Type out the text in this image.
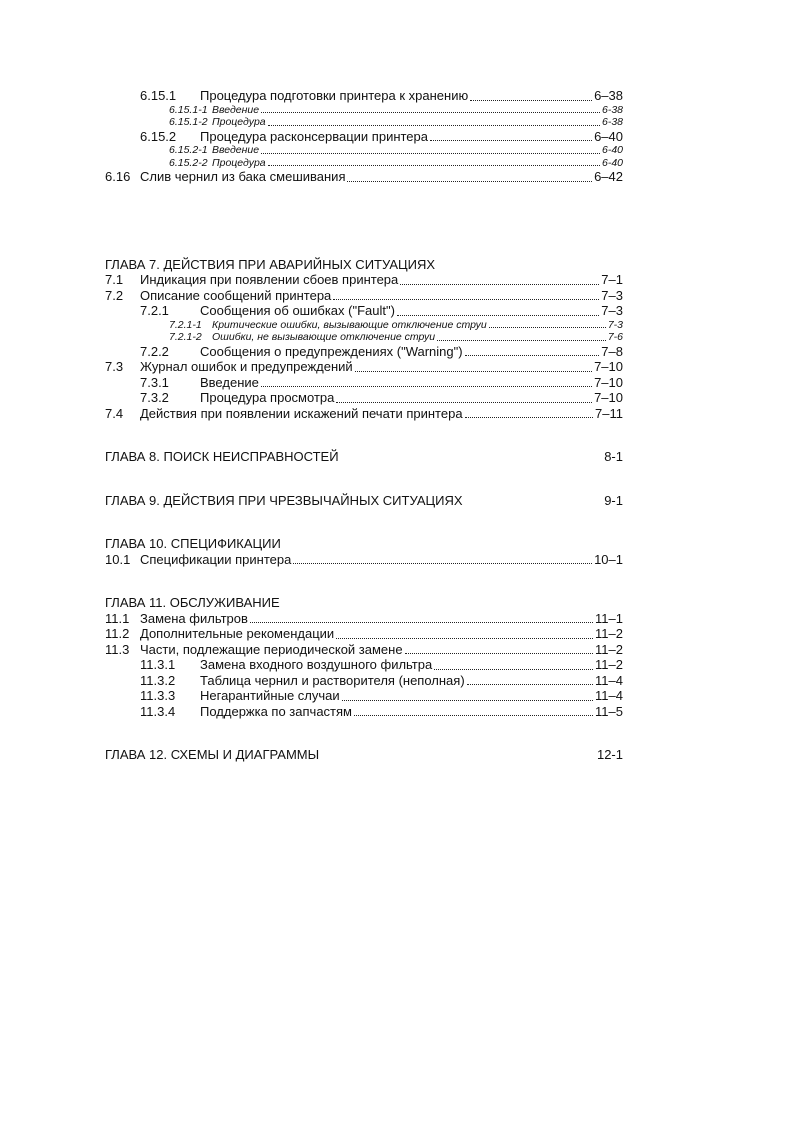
6.15.1	Процедура подготовки принтера к хранению	6–38
6.15.1-1 Введение	6-38
6.15.1-2 Процедура	6-38
6.15.2	Процедура расконсервации принтера	6–40
6.15.2-1 Введение	6-40
6.15.2-2 Процедура	6-40
6.16 Слив чернил из бака смешивания	6–42
ГЛАВА 7. ДЕЙСТВИЯ ПРИ АВАРИЙНЫХ СИТУАЦИЯХ
7.1	Индикация при появлении сбоев принтера	7–1
7.2	Описание сообщений принтера	7–3
7.2.1	Сообщения об ошибках ("Fault")	7–3
7.2.1-1 Критические ошибки, вызывающие отключение струи	7-3
7.2.1-2 Ошибки, не вызывающие отключение струи	7-6
7.2.2	Сообщения о предупреждениях ("Warning")	7–8
7.3	Журнал ошибок и предупреждений	7–10
7.3.1	Введение	7–10
7.3.2	Процедура просмотра	7–10
7.4	Действия при появлении искажений печати принтера	7–11
ГЛАВА 8. ПОИСК НЕИСПРАВНОСТЕЙ	8-1
ГЛАВА 9. ДЕЙСТВИЯ ПРИ ЧРЕЗВЫЧАЙНЫХ СИТУАЦИЯХ	9-1
ГЛАВА 10. СПЕЦИФИКАЦИИ
10.1 Спецификации принтера	10–1
ГЛАВА 11. ОБСЛУЖИВАНИЕ
11.1 Замена фильтров	11–1
11.2 Дополнительные рекомендации	11–2
11.3 Части, подлежащие периодической замене	11–2
11.3.1	Замена входного воздушного фильтра	11–2
11.3.2	Таблица чернил и растворителя (неполная)	11–4
11.3.3	Негарантийные случаи	11–4
11.3.4	Поддержка по запчастям	11–5
ГЛАВА 12. СХЕМЫ И ДИАГРАММЫ	12-1
